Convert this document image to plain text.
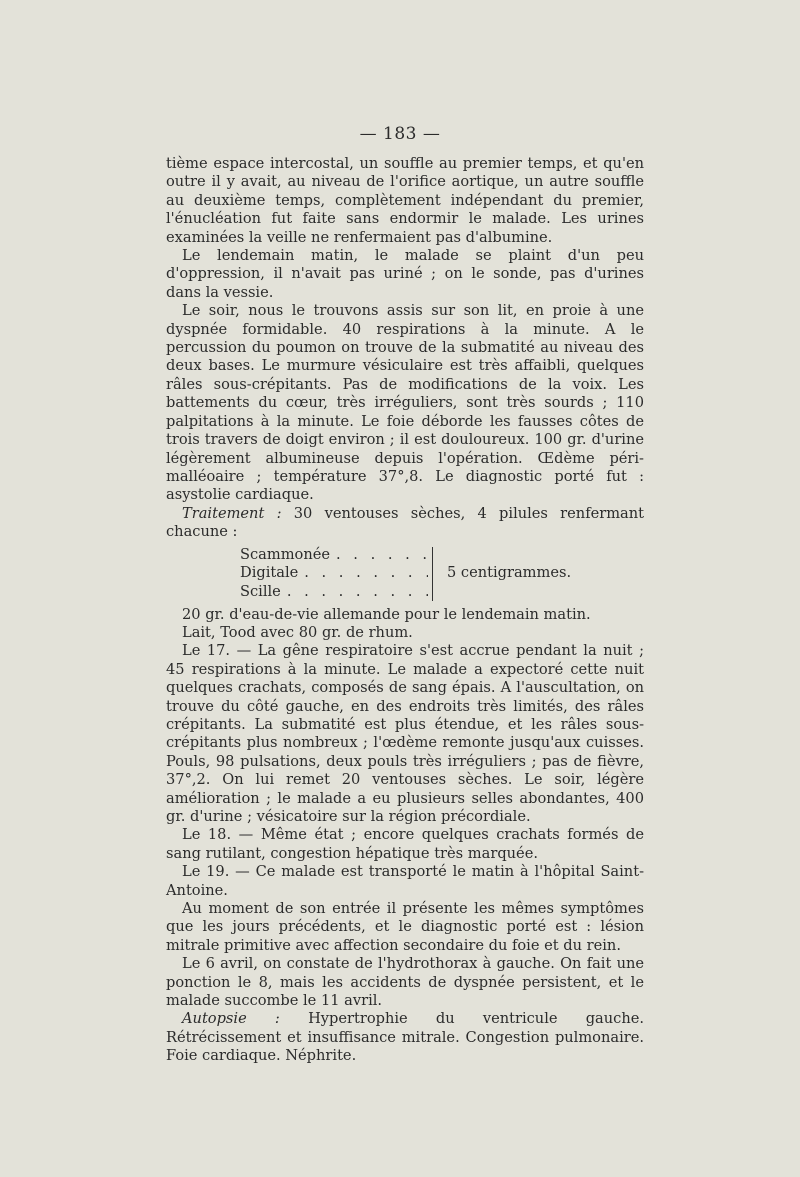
— 183 —

tième espace intercostal, un souffle au premier temps, et qu'en outre il y avait, au niveau de l'orifice aortique, un autre souffle au deuxième temps, complètement indépendant du premier, l'énucléation fut faite sans endormir le malade. Les urines examinées la veille ne renfermaient pas d'albumine.

Le lendemain matin, le malade se plaint d'un peu d'oppression, il n'avait pas uriné ; on le sonde, pas d'urines dans la vessie.

Le soir, nous le trouvons assis sur son lit, en proie à une dyspnée formidable. 40 respirations à la minute. A le percussion du poumon on trouve de la submatité au niveau des deux bases. Le murmure vésiculaire est très affaibli, quelques râles sous-crépitants. Pas de modifications de la voix. Les battements du cœur, très irréguliers, sont très sourds ; 110 palpitations à la minute. Le foie déborde les fausses côtes de trois travers de doigt environ ; il est douloureux. 100 gr. d'urine légèrement albumineuse depuis l'opération. Œdème péri-malléoaire ; température 37°,8. Le diagnostic porté fut : asystolie cardiaque.

Traitement : 30 ventouses sèches, 4 pilules renfermant chacune :

Scammonée
. . .
Digitale
. . .
Scille
. . .
5 centigrammes.

20 gr. d'eau-de-vie allemande pour le lendemain matin.

Lait, Tood avec 80 gr. de rhum.

Le 17. — La gêne respiratoire s'est accrue pendant la nuit ; 45 respirations à la minute. Le malade a expectoré cette nuit quelques crachats, composés de sang épais. A l'auscultation, on trouve du côté gauche, en des endroits très limités, des râles crépitants. La submatité est plus étendue, et les râles sous-crépitants plus nombreux ; l'œdème remonte jusqu'aux cuisses. Pouls, 98 pulsations, deux pouls très irréguliers ; pas de fièvre, 37°,2. On lui remet 20 ventouses sèches. Le soir, légère amélioration ; le malade a eu plusieurs selles abondantes, 400 gr. d'urine ; vésicatoire sur la région précordiale.

Le 18. — Même état ; encore quelques crachats formés de sang rutilant, congestion hépatique très marquée.

Le 19. — Ce malade est transporté le matin à l'hôpital Saint-Antoine.

Au moment de son entrée il présente les mêmes symptômes que les jours précédents, et le diagnostic porté est : lésion mitrale primitive avec affection secondaire du foie et du rein.

Le 6 avril, on constate de l'hydrothorax à gauche. On fait une ponction le 8, mais les accidents de dyspnée persistent, et le malade succombe le 11 avril.

Autopsie : Hypertrophie du ventricule gauche. Rétrécissement et insuffisance mitrale. Congestion pulmonaire. Foie cardiaque. Néphrite.
